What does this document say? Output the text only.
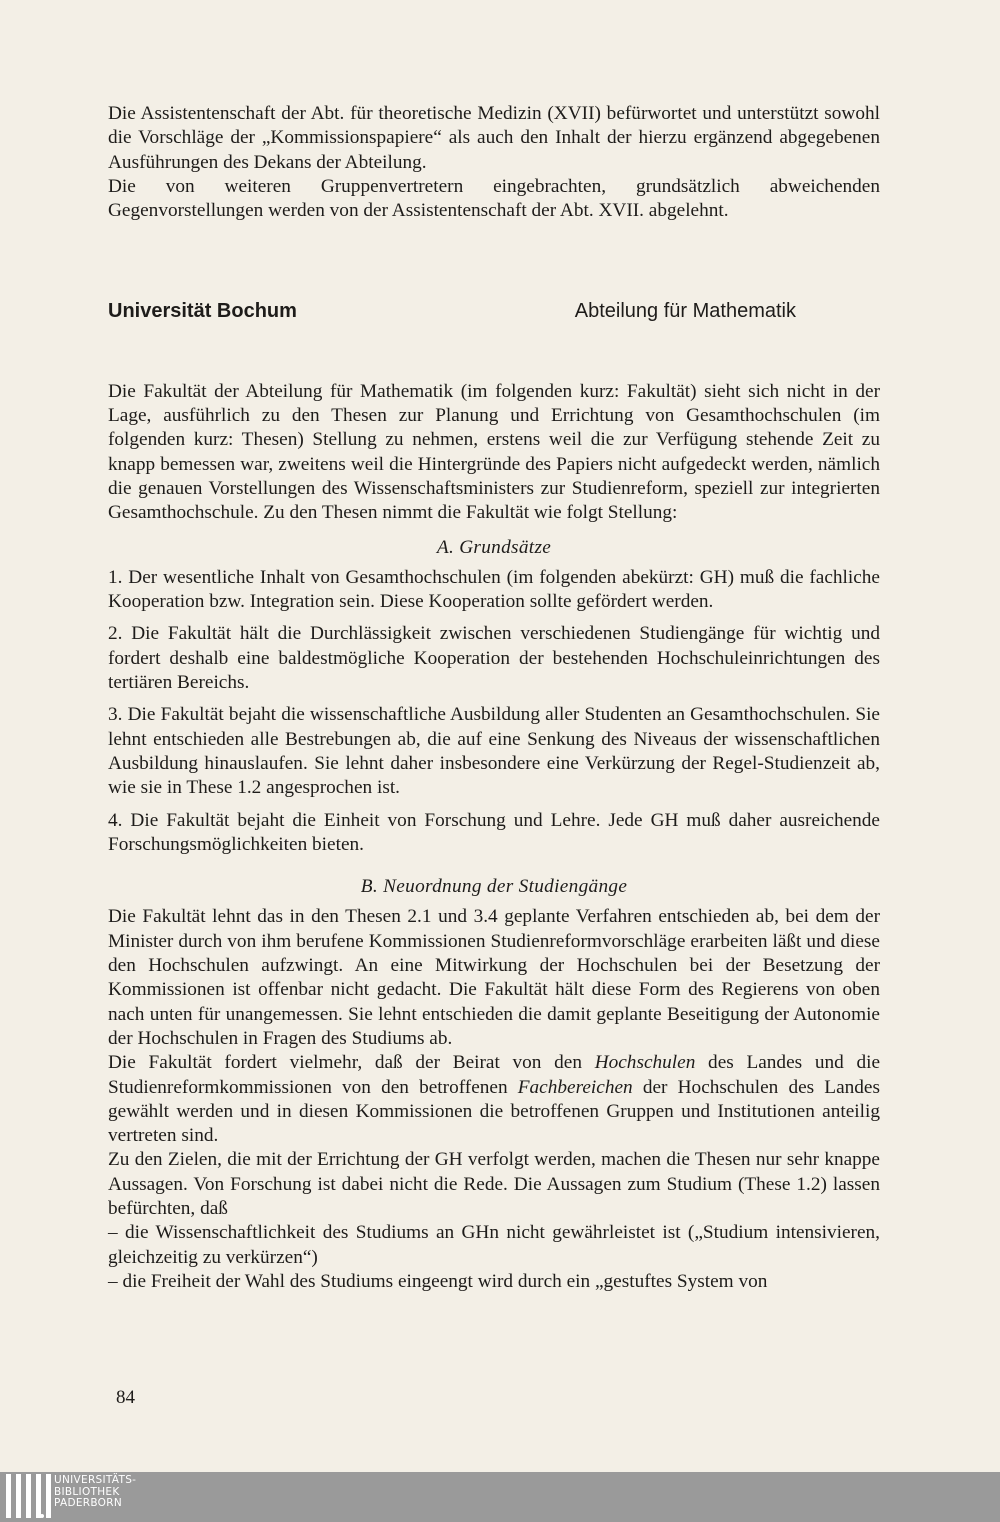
Die Assistentenschaft der Abt. für theoretische Medizin (XVII) befürwortet und unterstützt sowohl die Vorschläge der „Kommissionspapiere“ als auch den Inhalt der hierzu ergänzend abgegebenen Ausführungen des Dekans der Abteilung.

Die von weiteren Gruppenvertretern eingebrachten, grundsätzlich abweichenden Gegenvorstellungen werden von der Assistentenschaft der Abt. XVII. abgelehnt.

Universität Bochum	Abteilung für Mathematik

Die Fakultät der Abteilung für Mathematik (im folgenden kurz: Fakultät) sieht sich nicht in der Lage, ausführlich zu den Thesen zur Planung und Errichtung von Gesamthochschulen (im folgenden kurz: Thesen) Stellung zu nehmen, erstens weil die zur Verfügung stehende Zeit zu knapp bemessen war, zweitens weil die Hintergründe des Papiers nicht aufgedeckt werden, nämlich die genauen Vorstellungen des Wissenschaftsministers zur Studienreform, speziell zur integrierten Gesamthochschule. Zu den Thesen nimmt die Fakultät wie folgt Stellung:

A. Grundsätze

1. Der wesentliche Inhalt von Gesamthochschulen (im folgenden abekürzt: GH) muß die fachliche Kooperation bzw. Integration sein. Diese Kooperation sollte gefördert werden.

2. Die Fakultät hält die Durchlässigkeit zwischen verschiedenen Studiengänge für wichtig und fordert deshalb eine baldestmögliche Kooperation der bestehenden Hochschuleinrichtungen des tertiären Bereichs.

3. Die Fakultät bejaht die wissenschaftliche Ausbildung aller Studenten an Gesamthochschulen. Sie lehnt entschieden alle Bestrebungen ab, die auf eine Senkung des Niveaus der wissenschaftlichen Ausbildung hinauslaufen. Sie lehnt daher insbesondere eine Verkürzung der Regel-Studienzeit ab, wie sie in These 1.2 angesprochen ist.

4. Die Fakultät bejaht die Einheit von Forschung und Lehre. Jede GH muß daher ausreichende Forschungsmöglichkeiten bieten.

B. Neuordnung der Studiengänge

Die Fakultät lehnt das in den Thesen 2.1 und 3.4 geplante Verfahren entschieden ab, bei dem der Minister durch von ihm berufene Kommissionen Studienreformvorschläge erarbeiten läßt und diese den Hochschulen aufzwingt. An eine Mitwirkung der Hochschulen bei der Besetzung der Kommissionen ist offenbar nicht gedacht. Die Fakultät hält diese Form des Regierens von oben nach unten für unangemessen. Sie lehnt entschieden die damit geplante Beseitigung der Autonomie der Hochschulen in Fragen des Studiums ab.

Die Fakultät fordert vielmehr, daß der Beirat von den Hochschulen des Landes und die Studienreformkommissionen von den betroffenen Fachbereichen der Hochschulen des Landes gewählt werden und in diesen Kommissionen die betroffenen Gruppen und Institutionen anteilig vertreten sind.

Zu den Zielen, die mit der Errichtung der GH verfolgt werden, machen die Thesen nur sehr knappe Aussagen. Von Forschung ist dabei nicht die Rede. Die Aussagen zum Studium (These 1.2) lassen befürchten, daß

– die Wissenschaftlichkeit des Studiums an GHn nicht gewährleistet ist („Studium intensivieren, gleichzeitig zu verkürzen“)

– die Freiheit der Wahl des Studiums eingeengt wird durch ein „gestuftes System von

84
UNIVERSITÄTS-
BIBLIOTHEK
PADERBORN
